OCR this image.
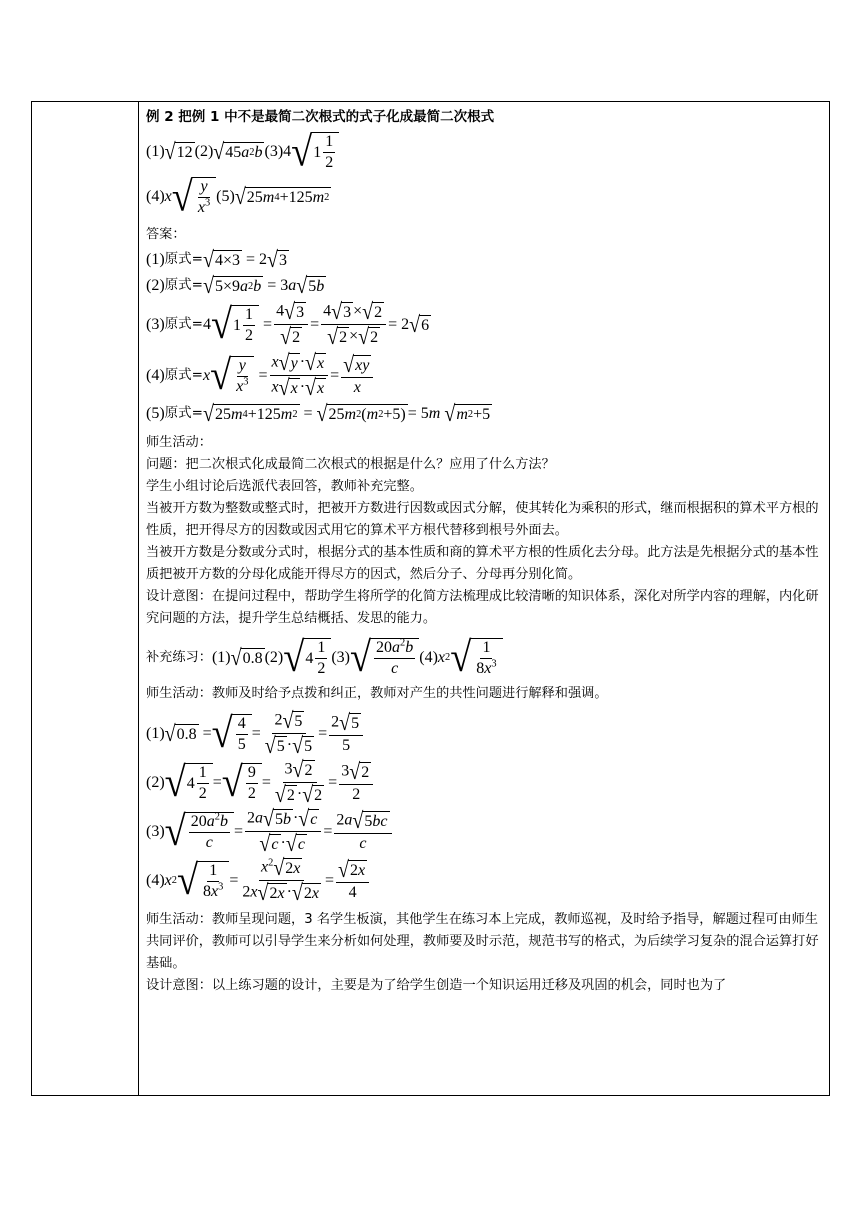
例 2 把例 1 中不是最简二次根式的式子化成最简二次根式

(1) √ 12 (2) √ 45 a 2 b (3)4 √ $1 \frac{1}{2}$
(4) x √ $\frac{y}{x^3} (5)$ √ 25 m 4 +125 m 2

答案：

(1) 原式= √ 4×3 = 2 √ 3
(2) 原式= √ 5×9 a 2 b = 3 a √ 5 b
(3) 原式= 4 √ $1 \frac{1}{2} = \frac{4 √ 3}{√ 2} = \frac{4 √ 3 \times √ 2}{√ 2 \times √ 2} = 2$ √ 6
(4) 原式= x √ $\frac{y}{x^3} = \frac{x √ y \cdot √ x}{x √ x \cdot √ x} = \frac{√ xy}{x}$
(5) 原式= √ 25 m 4 +125 m 2 = √ 25 m 2 ( m 2 +5) = 5 m
√ m 2 +5

师生活动：

问题：把二次根式化成最简二次根式的根据是什么？应用了什么方法？

学生小组讨论后选派代表回答，教师补充完整。

当被开方数为整数或整式时，把被开方数进行因数或因式分解，使其转化为乘积的形式，继而根据积的算术平方根的性质，把开得尽方的因数或因式用它的算术平方根代替移到根号外面去。

当被开方数是分数或分式时，根据分式的基本性质和商的算术平方根的性质化去分母。此方法是先根据分式的基本性质把被开方数的分母化成能开得尽方的因式，然后分子、分母再分别化简。

设计意图：在提问过程中，帮助学生将所学的化简方法梳理成比较清晰的知识体系，深化对所学内容的理解，内化研究问题的方法，提升学生总结概括、发思的能力。

补充练习： (1) √ 0.8 (2) √ $4 \frac{1}{2} (3)$ √ $\frac{20a^2b}{c} (4)$ x 2 √ $\frac{1}{8x^3}$

师生活动：教师及时给予点拨和纠正，教师对产生的共性问题进行解释和强调。

(1) √ 0.8 = √ $\frac{4}{5} = \frac{2 √ 5}{√ 5 \cdot √ 5} = \frac{2 √ 5}{5}$
(2) √ $4 \frac{1}{2}$ = √ $\frac{9}{2} = \frac{3 √ 2}{√ 2 \cdot √ 2} = \frac{3 √ 2}{2}$
(3) √ $\frac{20a^2b}{c} = \frac{2a √ 5 b \cdot √ c}{√ c \cdot √ c} = \frac{2a √ 5 bc}{c}$
(4) x 2 √ $\frac{1}{8x^3} = \frac{x^2 √ 2 x}{2x √ 2 x \cdot √ 2 x} = \frac{√ 2 x}{4}$

师生活动：教师呈现问题，3 名学生板演，其他学生在练习本上完成，教师巡视，及时给予指导，解题过程可由师生共同评价，教师可以引导学生来分析如何处理，教师要及时示范，规范书写的格式，为后续学习复杂的混合运算打好基础。

设计意图：以上练习题的设计，主要是为了给学生创造一个知识运用迁移及巩固的机会，同时也为了
